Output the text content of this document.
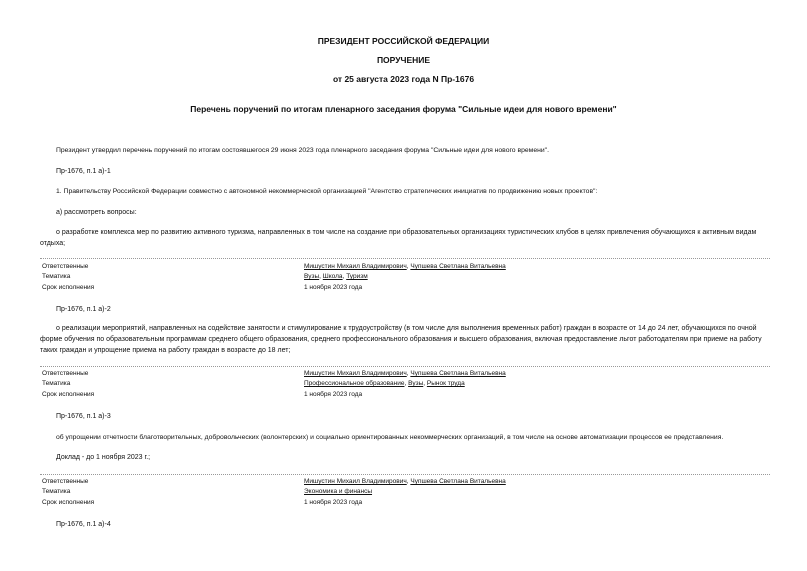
ПРЕЗИДЕНТ РОССИЙСКОЙ ФЕДЕРАЦИИ
ПОРУЧЕНИЕ
от 25 августа 2023 года N Пр-1676
Перечень поручений по итогам пленарного заседания форума "Сильные идеи для нового времени"
Президент утвердил перечень поручений по итогам состоявшегося 29 июня 2023 года пленарного заседания форума "Сильные идеи для нового времени".
Пр-1676, п.1 а)-1
1. Правительству Российской Федерации совместно с автономной некоммерческой организацией "Агентство стратегических инициатив по продвижению новых проектов":
а) рассмотреть вопросы:
о разработке комплекса мер по развитию активного туризма, направленных в том числе на создание при образовательных организациях туристических клубов в целях привлечения обучающихся к активным видам отдыха;
Ответственные
Тематика
Срок исполнения
Мишустин Михаил Владимирович, Чупшева Светлана Витальевна
Вузы, Школа, Туризм
1 ноября 2023 года
Пр-1676, п.1 а)-2
о реализации мероприятий, направленных на содействие занятости и стимулирование к трудоустройству (в том числе для выполнения временных работ) граждан в возрасте от 14 до 24 лет, обучающихся по очной форме обучения по образовательным программам среднего общего образования, среднего профессионального образования и высшего образования, включая предоставление льгот работодателям при приеме на работу таких граждан и упрощение приема на работу граждан в возрасте до 18 лет;
Ответственные
Тематика
Срок исполнения
Мишустин Михаил Владимирович, Чупшева Светлана Витальевна
Профессиональное образование, Вузы, Рынок труда
1 ноября 2023 года
Пр-1676, п.1 а)-3
об упрощении отчетности благотворительных, добровольческих (волонтерских) и социально ориентированных некоммерческих организаций, в том числе на основе автоматизации процессов ее представления.
Доклад - до 1 ноября 2023 г.;
Ответственные
Тематика
Срок исполнения
Мишустин Михаил Владимирович, Чупшева Светлана Витальевна
Экономика и финансы
1 ноября 2023 года
Пр-1676, п.1 а)-4
